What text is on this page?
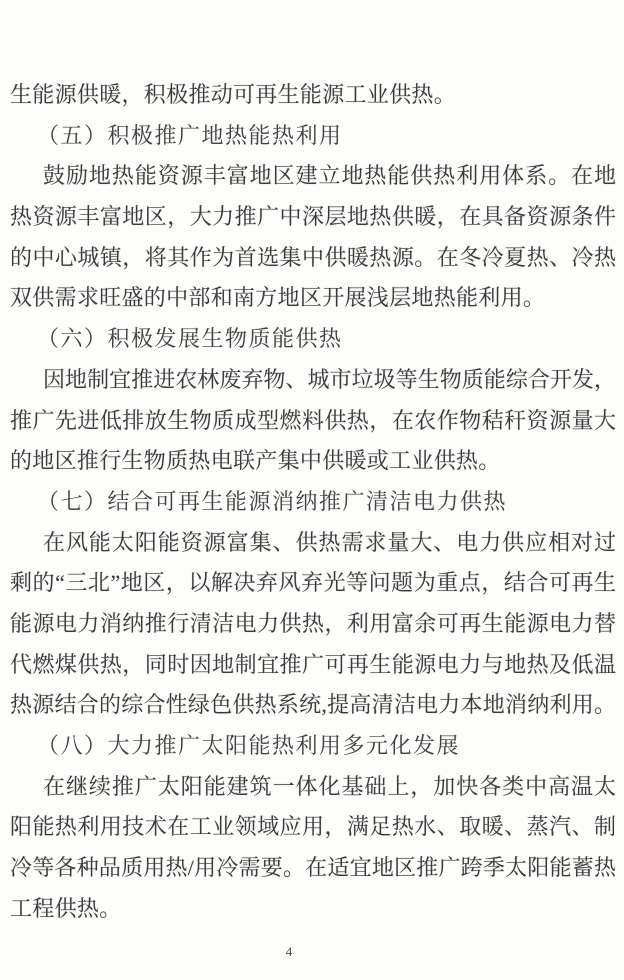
生能源供暖，积极推动可再生能源工业供热。
（五）积极推广地热能热利用
鼓励地热能资源丰富地区建立地热能供热利用体系。在地
热资源丰富地区，大力推广中深层地热供暖，在具备资源条件
的中心城镇，将其作为首选集中供暖热源。在冬冷夏热、冷热
双供需求旺盛的中部和南方地区开展浅层地热能利用。
（六）积极发展生物质能供热
因地制宜推进农林废弃物、城市垃圾等生物质能综合开发，
推广先进低排放生物质成型燃料供热，在农作物秸秆资源量大
的地区推行生物质热电联产集中供暖或工业供热。
（七）结合可再生能源消纳推广清洁电力供热
在风能太阳能资源富集、供热需求量大、电力供应相对过
剩的“三北”地区，以解决弃风弃光等问题为重点，结合可再生
能源电力消纳推行清洁电力供热，利用富余可再生能源电力替
代燃煤供热，同时因地制宜推广可再生能源电力与地热及低温
热源结合的综合性绿色供热系统,提高清洁电力本地消纳利用。
（八）大力推广太阳能热利用多元化发展
在继续推广太阳能建筑一体化基础上，加快各类中高温太
阳能热利用技术在工业领域应用，满足热水、取暖、蒸汽、制
冷等各种品质用热/用冷需要。在适宜地区推广跨季太阳能蓄热
工程供热。
4
